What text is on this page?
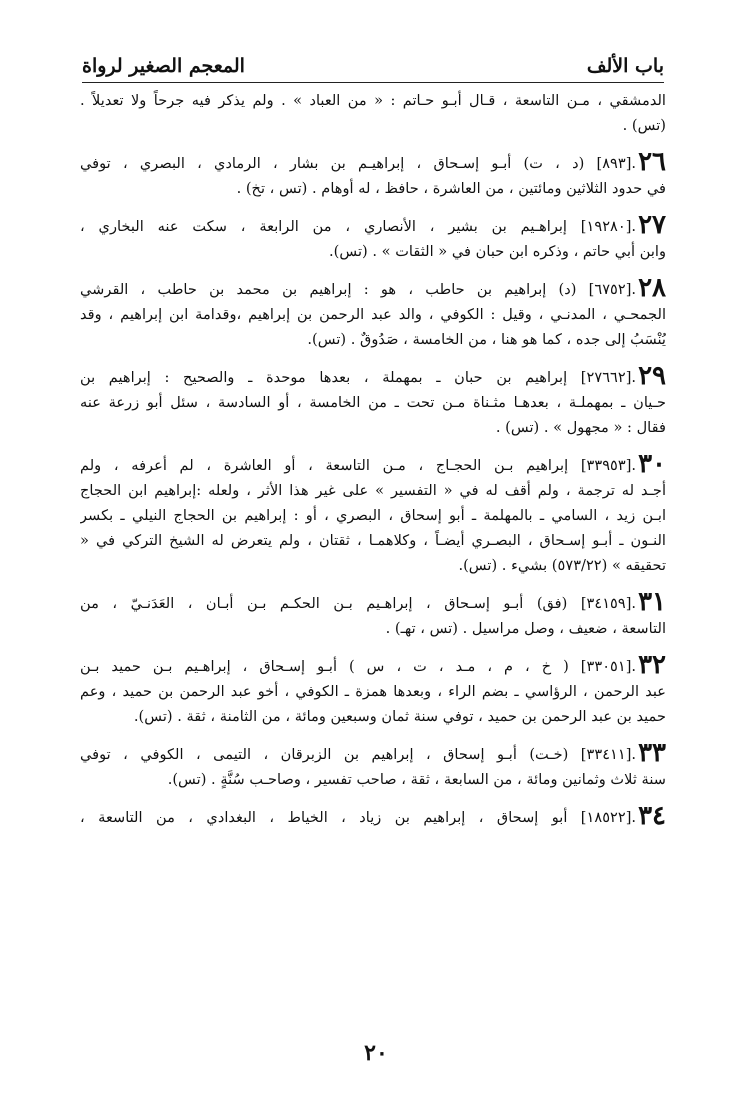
باب الألف
المعجم الصغير لرواة
الدمشقي ، مـن التاسعة ، قـال أبـو حـاتم : « من العباد » . ولم يذكر فيه جرحاً ولا تعديلاً .
(تس) .
٢٦.[٨٩٣] (د ، ت) أبـو إسـحاق ، إبراهيـم بن بشار ، الرمادي ، البصري ، توفي
في حدود الثلاثين ومائتين ، من العاشرة ، حافظ ، له أوهام . (تس ، تخ) .
٢٧.[١٩٢٨٠] إبراهـيم بن بشير ، الأنصاري ، من الرابعة ، سكت عنه البخاري ،
وابن أبي حاتم ، وذكره ابن حبان في « الثقات » . (تس).
٢٨.[٦٧٥٢] (د) إبراهيم بن حاطب ، هو : إبراهيم بن محمد بن حاطب ، القرشي
الجمحـي ، المدنـي ، وقيل : الكوفي ، والد عبد الرحمن بن إبراهيم ،وقدامة ابن إبراهيم ، وقد
يُنْسَبُ إلى جده ، كما هو هنا ، من الخامسة ، صَدُوقٌ . (تس).
٢٩.[٢٧٦٦٢] إبراهيم بن حبان ـ بمهملة ، بعدها موحدة ـ والصحيح : إبراهيم بن
حـيان ـ بمهملـة ، بعدهـا مثـناة مـن تحت ـ من الخامسة ، أو السادسة ، سئل أبو زرعة عنه
فقال : « مجهول » . (تس) .
٣٠.[٣٣٩٥٣] إبراهيم بـن الحجـاج ، مـن التاسعة ، أو العاشرة ، لم أعرفه ، ولم
أجـد له ترجمة ، ولم أقف له في « التفسير » على غير هذا الأثر ، ولعله :إبراهيم ابن الحجاج
ابـن زيد ، السامي ـ بالمهلمة ـ أبو إسحاق ، البصري ، أو : إبراهيم بن الحجاج النيلي ـ بكسر
النـون ـ أبـو إسـحاق ، البصـري أيضـاً ، وكلاهمـا ، ثقتان ، ولم يتعرض له الشيخ التركي في «
تحقيقه » (٥٧٣/٢٢) بشيء . (تس).
٣١.[٣٤١٥٩] (فق) أبـو إسـحاق ، إبراهـيم بـن الحكـم بـن أبـان ، العَدَنـيّ ، من
التاسعة ، ضعيف ، وصل مراسيل . (تس ، تهـ) .
٣٢.[٣٣٠٥١] ( خ ، م ، مـد ، ت ، س ) أبـو إسـحاق ، إبراهـيم بـن حميد بـن
عبد الرحمن ، الرؤاسي ـ بضم الراء ، وبعدها همزة ـ الكوفي ، أخو عبد الرحمن بن حميد ، وعم
حميد بن عبد الرحمن بن حميد ، توفي سنة ثمان وسبعين ومائة ، من الثامنة ، ثقة . (تس).
٣٣.[٣٣٤١١] (خـت) أبـو إسحاق ، إبراهيم بن الزبرقان ، التيمى ، الكوفي ، توفي
سنة ثلاث وثمانين ومائة ، من السابعة ، ثقة ، صاحب تفسير ، وصاحـب سُنَّةٍ . (تس).
٣٤.[١٨٥٢٢] أبو إسحاق ، إبراهيم بن زياد ، الخياط ، البغدادي ، من التاسعة ،
٢٠
